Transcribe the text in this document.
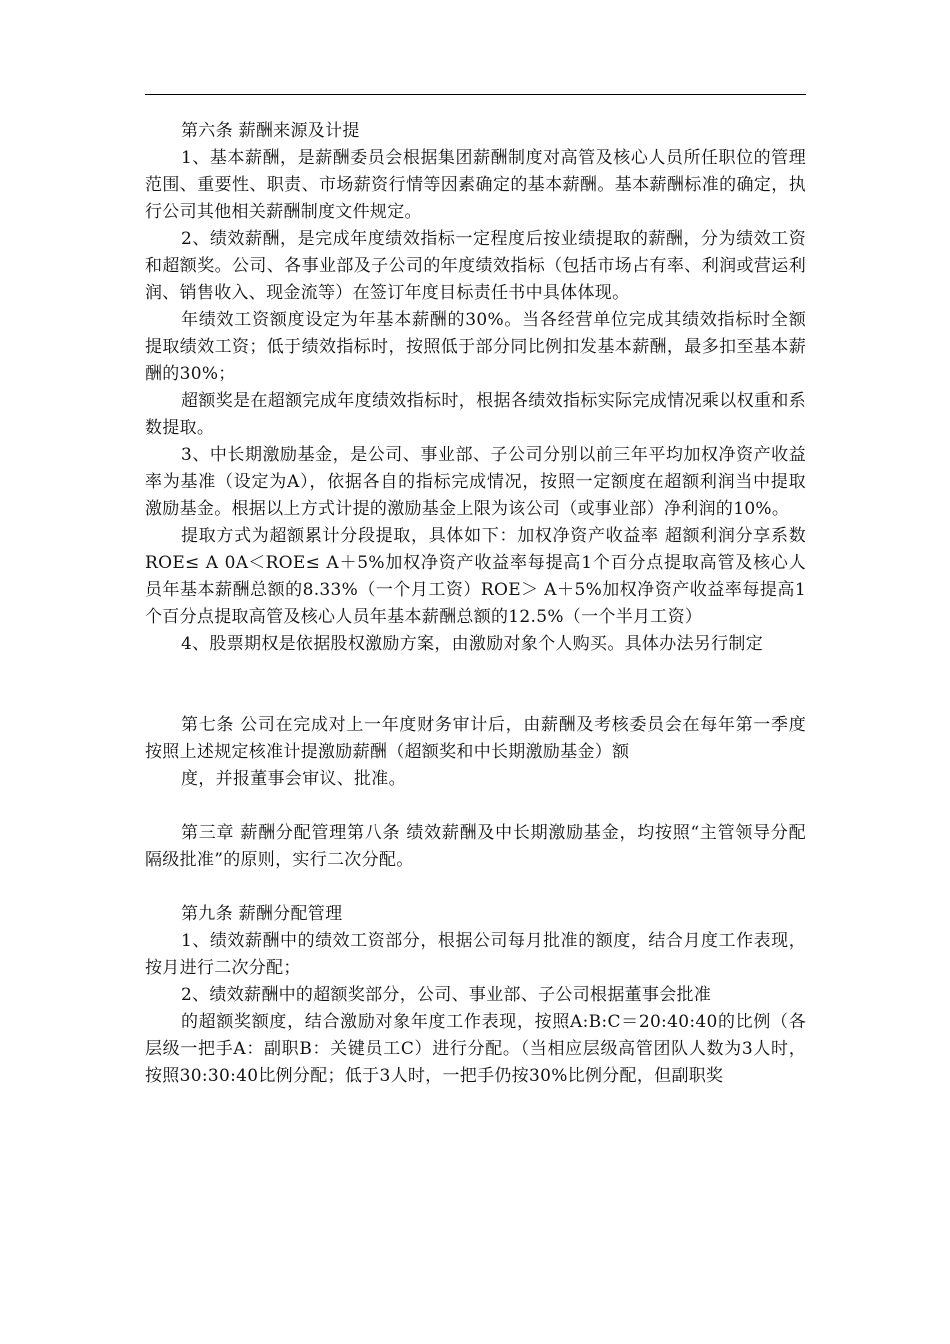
第六条 薪酬来源及计提

1、基本薪酬，是薪酬委员会根据集团薪酬制度对高管及核心人员所任职位的管理范围、重要性、职责、市场薪资行情等因素确定的基本薪酬。基本薪酬标准的确定，执行公司其他相关薪酬制度文件规定。

2、绩效薪酬，是完成年度绩效指标一定程度后按业绩提取的薪酬，分为绩效工资和超额奖。公司、各事业部及子公司的年度绩效指标（包括市场占有率、利润或营运利润、销售收入、现金流等）在签订年度目标责任书中具体体现。

年绩效工资额度设定为年基本薪酬的30%。当各经营单位完成其绩效指标时全额提取绩效工资；低于绩效指标时，按照低于部分同比例扣发基本薪酬，最多扣至基本薪酬的30%；

超额奖是在超额完成年度绩效指标时，根据各绩效指标实际完成情况乘以权重和系数提取。

3、中长期激励基金，是公司、事业部、子公司分别以前三年平均加权净资产收益率为基准（设定为A），依据各自的指标完成情况，按照一定额度在超额利润当中提取激励基金。根据以上方式计提的激励基金上限为该公司（或事业部）净利润的10%。

提取方式为超额累计分段提取，具体如下：加权净资产收益率 超额利润分享系数ROE≤ A 0A＜ROE≤ A＋5%加权净资产收益率每提高1个百分点提取高管及核心人员年基本薪酬总额的8.33%（一个月工资）ROE＞ A＋5%加权净资产收益率每提高1个百分点提取高管及核心人员年基本薪酬总额的12.5%（一个半月工资）

4、股票期权是依据股权激励方案，由激励对象个人购买。具体办法另行制定

第七条 公司在完成对上一年度财务审计后，由薪酬及考核委员会在每年第一季度按照上述规定核准计提激励薪酬（超额奖和中长期激励基金）额

度，并报董事会审议、批准。

第三章 薪酬分配管理第八条 绩效薪酬及中长期激励基金，均按照“主管领导分配隔级批准”的原则，实行二次分配。

第九条 薪酬分配管理

1、绩效薪酬中的绩效工资部分，根据公司每月批准的额度，结合月度工作表现，按月进行二次分配；

2、绩效薪酬中的超额奖部分，公司、事业部、子公司根据董事会批准

的超额奖额度，结合激励对象年度工作表现，按照A:B:C＝20:40:40的比例（各层级一把手A：副职B：关键员工C）进行分配。（当相应层级高管团队人数为3人时，按照30:30:40比例分配；低于3人时，一把手仍按30%比例分配，但副职奖
